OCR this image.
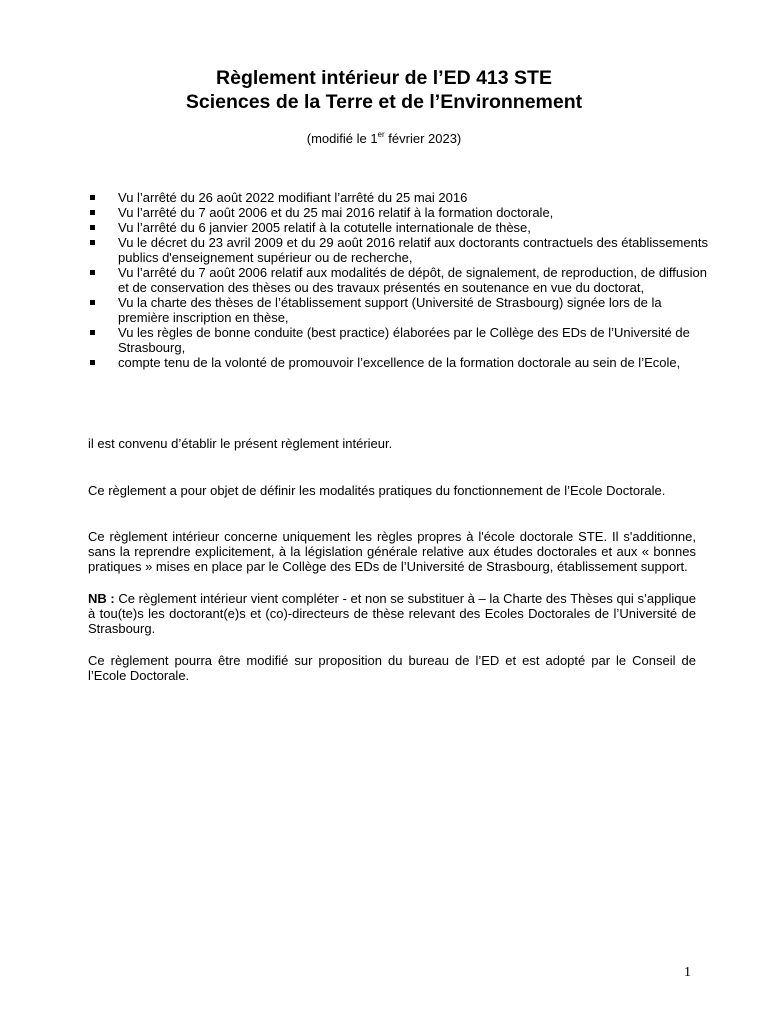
Règlement intérieur de l’ED 413 STE
Sciences de la Terre et de l’Environnement
(modifié le 1er février 2023)
Vu l’arrêté du 26 août 2022 modifiant l’arrêté du 25 mai 2016
Vu l’arrêté du 7 août 2006 et du 25 mai 2016 relatif à la formation doctorale,
Vu l’arrêté du 6 janvier 2005 relatif à la cotutelle internationale de thèse,
Vu le décret du 23 avril 2009 et du 29 août 2016 relatif aux doctorants contractuels des établissements publics d'enseignement supérieur ou de recherche,
Vu l’arrêté du 7 août 2006 relatif aux modalités de dépôt, de signalement, de reproduction, de diffusion et de conservation des thèses ou des travaux présentés en soutenance en vue du doctorat,
Vu la charte des thèses de l’établissement support (Université de Strasbourg) signée lors de la première inscription en thèse,
Vu les règles de bonne conduite (best practice) élaborées par le Collège des EDs de l’Université de Strasbourg,
compte tenu de la volonté de promouvoir l’excellence de la formation doctorale au sein de l’Ecole,

il est convenu d’établir le présent règlement intérieur.

Ce règlement a pour objet de définir les modalités pratiques du fonctionnement de l’Ecole Doctorale.

Ce règlement intérieur concerne uniquement les règles propres à l'école doctorale STE. Il s'additionne, sans la reprendre explicitement, à la législation générale relative aux études doctorales et aux « bonnes pratiques » mises en place par le Collège des EDs de l’Université de Strasbourg, établissement support.

NB : Ce règlement intérieur vient compléter - et non se substituer à – la Charte des Thèses qui s’applique à tou(te)s les doctorant(e)s et (co)-directeurs de thèse relevant des Ecoles Doctorales de l’Université de Strasbourg.

Ce règlement pourra être modifié sur proposition du bureau de l’ED et est adopté par le Conseil de l’Ecole Doctorale.

1
